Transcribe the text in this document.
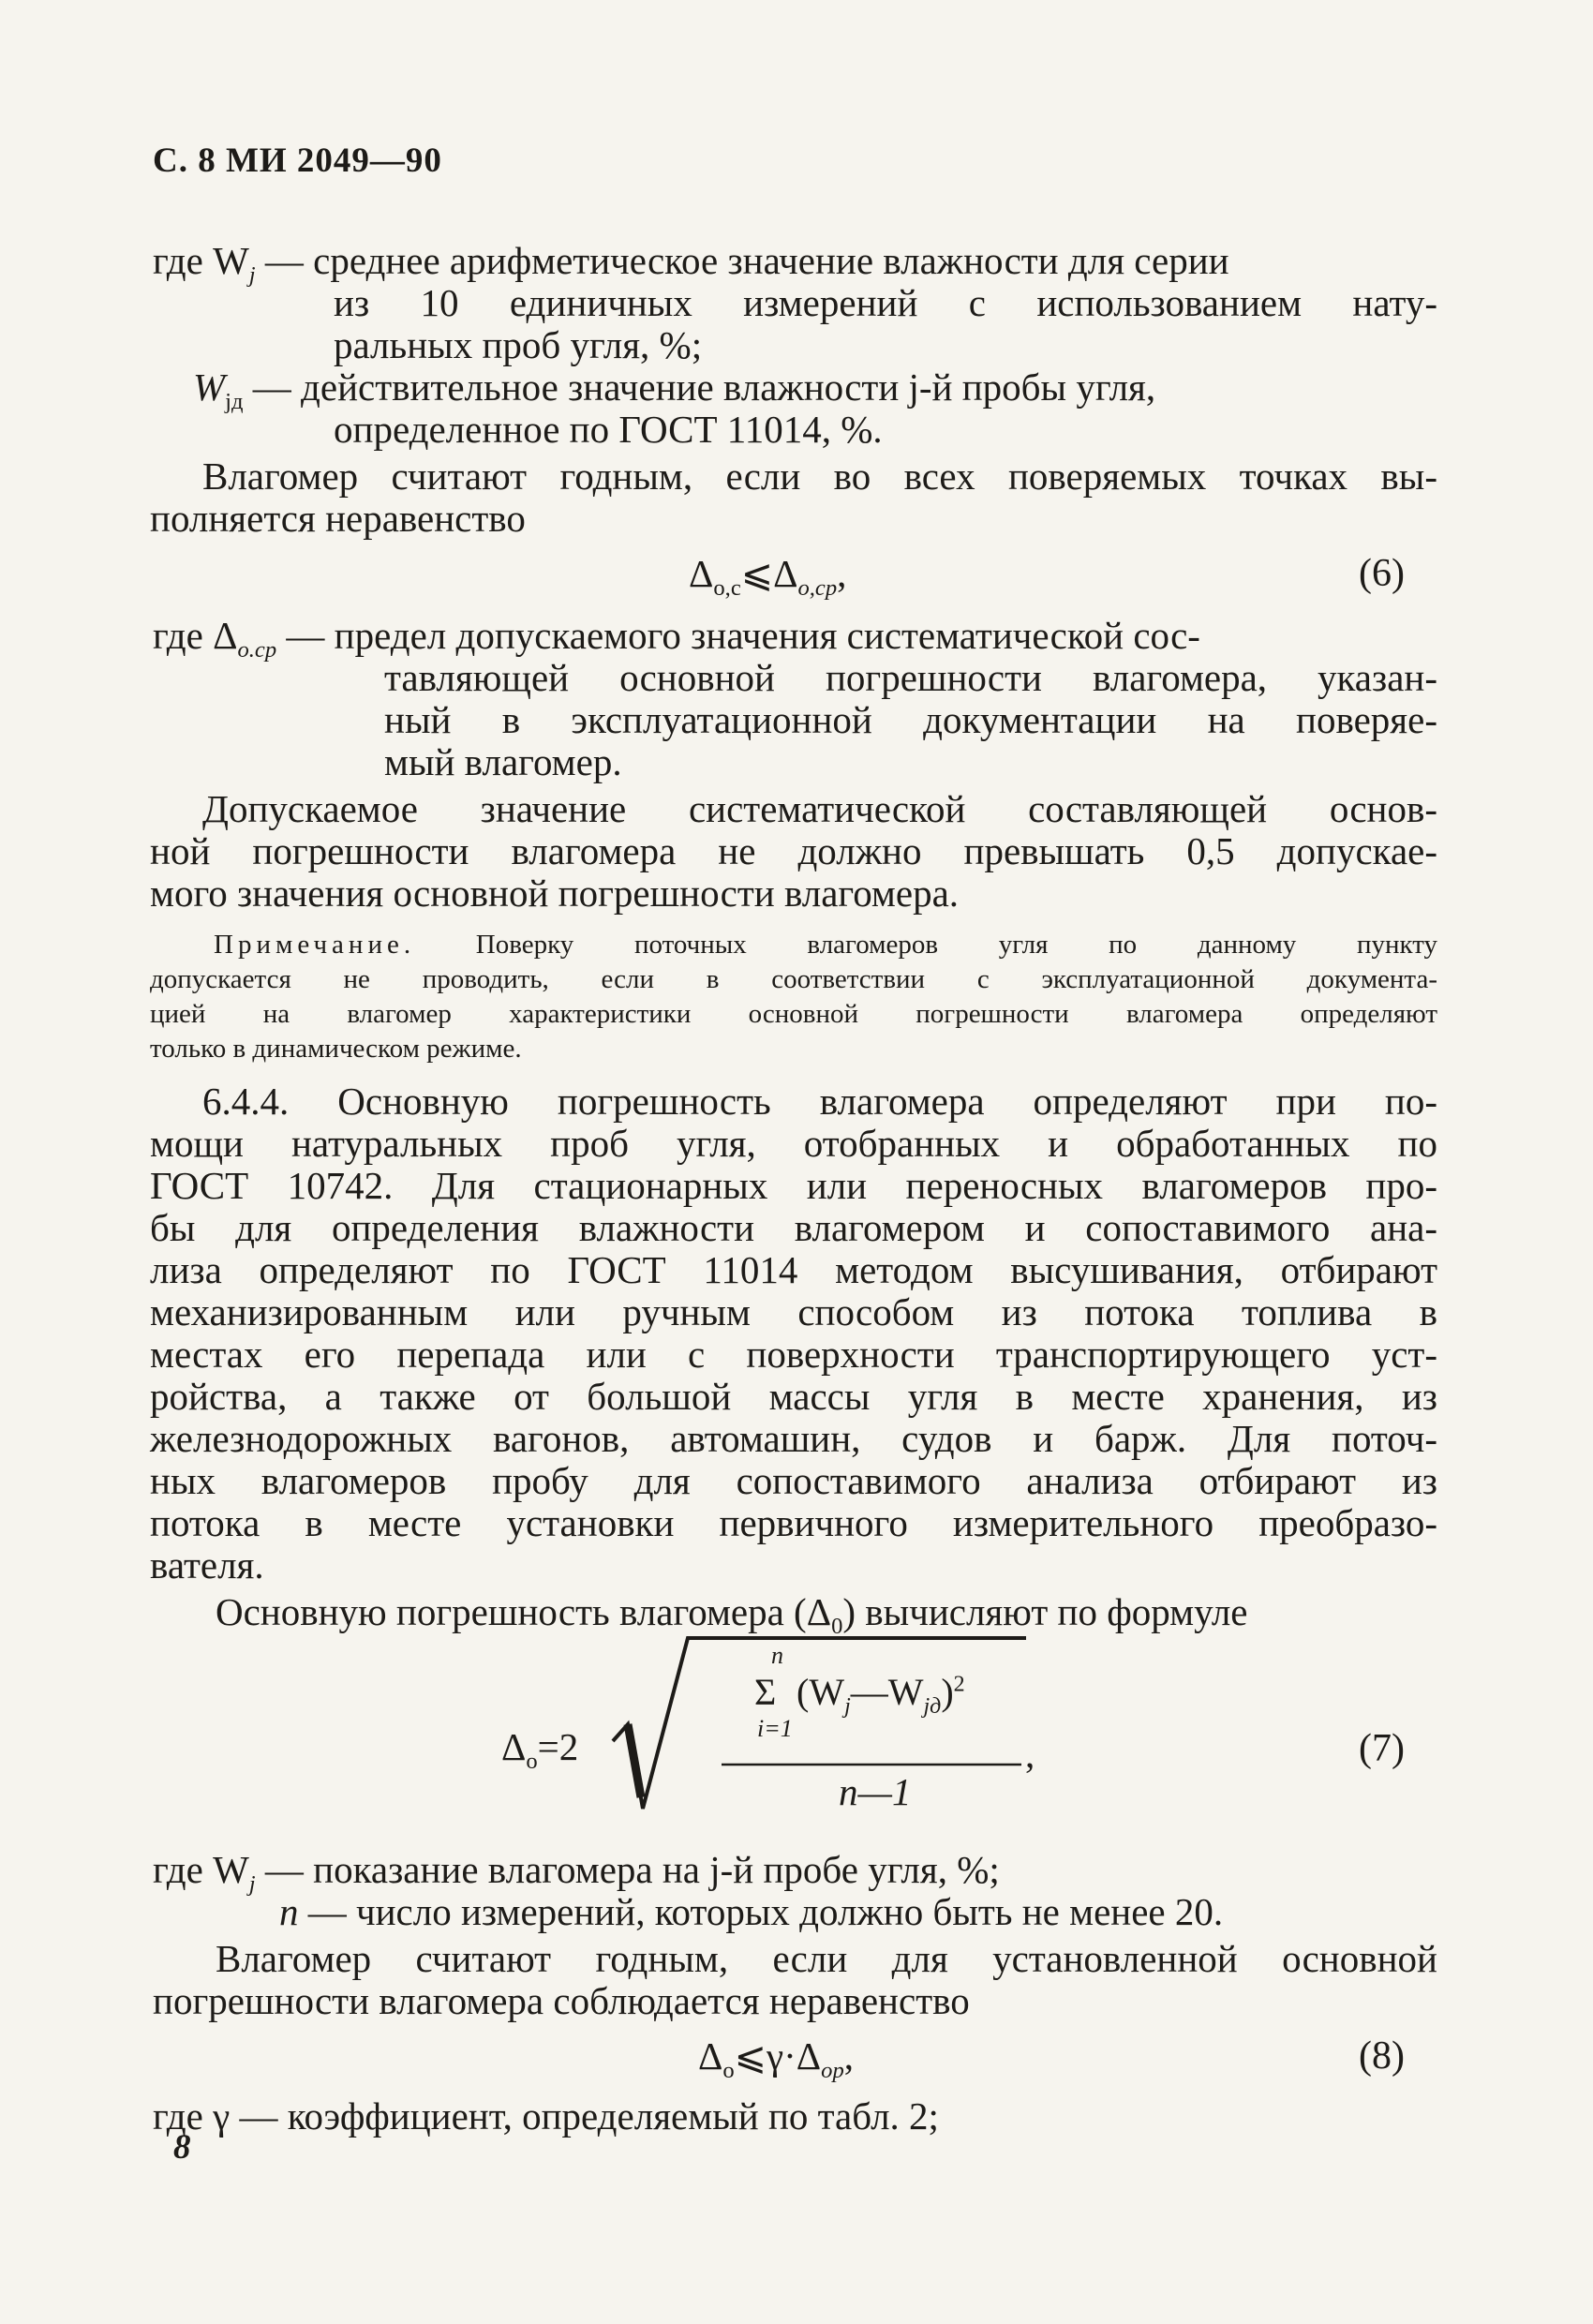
С. 8 МИ 2049—90
где $W_j$ — среднее арифметическое значение влажности для серии
из 10 единичных измерений с использованием нату-
ральных проб угля, %;
$W_{jд}$ — действительное значение влажности j-й пробы угля,
определенное по ГОСТ 11014, %.
Влагомер считают годным, если во всех поверяемых точках вы-
полняется неравенство
$\Delta_{о,с}⩽\Delta_{о,ср}$,	(6)
где $\Delta_{о.ср}$ — предел допускаемого значения систематической сос-
тавляющей основной погрешности влагомера, указан-
ный в эксплуатационной документации на поверяе-
мый влагомер.
Допускаемое значение систематической составляющей основ-
ной погрешности влагомера не должно превышать 0,5 допускае-
мого значения основной погрешности влагомера.
Примечание. Поверку поточных влагомеров угля по данному пункту
допускается не проводить, если в соответствии с эксплуатационной документа-
цией на влагомер характеристики основной погрешности влагомера определяют
только в динамическом режиме.
6.4.4. Основную погрешность влагомера определяют при по-
мощи натуральных проб угля, отобранных и обработанных по
ГОСТ 10742. Для стационарных или переносных влагомеров про-
бы для определения влажности влагомером и сопоставимого ана-
лиза определяют по ГОСТ 11014 методом высушивания, отбирают
механизированным или ручным способом из потока топлива в
местах его перепада или с поверхности транспортирующего уст-
ройства, а также от большой массы угля в месте хранения, из
железнодорожных вагонов, автомашин, судов и барж. Для поточ-
ных влагомеров пробу для сопоставимого анализа отбирают из
потока в месте установки первичного измерительного преобразо-
вателя.
Основную погрешность влагомера $(\Delta_0)$ вычисляют по формуле
$\Delta_о=2$
n
Σ $(W_j—W_{jд})^2$
i=1
n—1
,	(7)
где $W_j$ — показание влагомера на j-й пробе угля, %;
n — число измерений, которых должно быть не менее 20.
Влагомер считают годным, если для установленной основной
погрешности влагомера соблюдается неравенство
$\Delta_о⩽\gamma\cdot\Delta_{ор}$,	(8)
где γ — коэффициент, определяемый по табл. 2;
8
